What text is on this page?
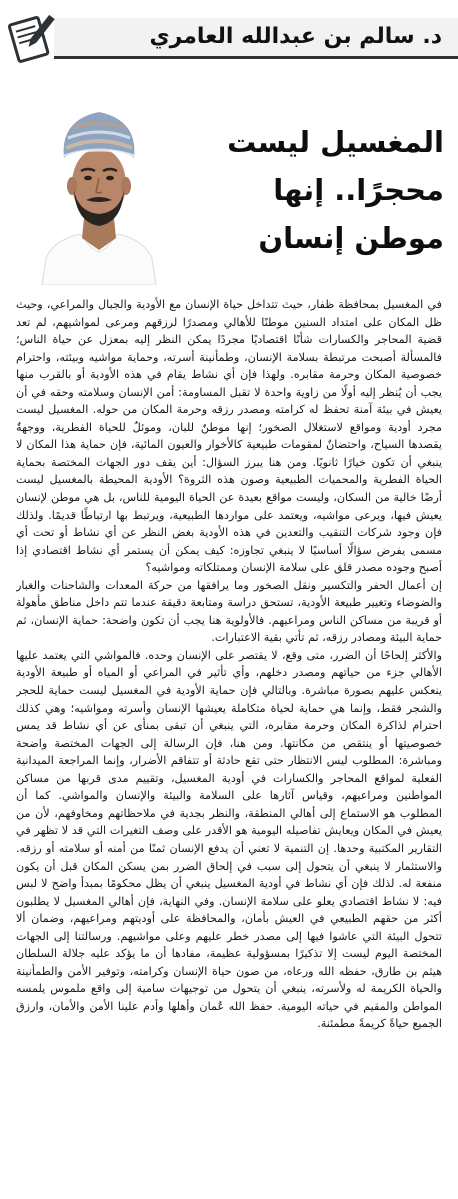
د. سالم بن عبدالله العامري
المغسيل ليست
محجرًا.. إنها
موطن إنسان

في المغسيل بمحافظة ظفار، حيث تتداخل حياة الإنسان مع الأودية والجبال والمراعي، وحيث ظل المكان على امتداد السنين موطنًا للأهالي ومصدرًا لرزقهم ومرعى لمواشيهم، لم تعد قضية المحاجر والكسارات شأنًا اقتصاديًا مجردًا يمكن النظر إليه بمعزل عن حياة الناس؛ فالمسألة أصبحت مرتبطة بسلامة الإنسان، وطمأنينة أسرته، وحماية مواشيه وبيئته، واحترام خصوصية المكان وحرمة مقابره. ولهذا فإن أي نشاط يقام في هذه الأودية أو بالقرب منها يجب أن يُنظر إليه أولًا من زاوية واحدة لا تقبل المساومة: أمن الإنسان وسلامته وحقه في أن يعيش في بيئة آمنة تحفظ له كرامته ومصدر رزقه وحرمة المكان من حوله. المغسيل ليست مجرد أودية ومواقع لاستغلال الصخور؛ إنها موطنٌ للبان، وموئلٌ للحياة الفطرية، ووجهةٌ يقصدها السياح، واحتضانٌ لمقومات طبيعية كالأخوار والعيون المائية، فإن حماية هذا المكان لا ينبغي أن تكون خيارًا ثانويًا. ومن هنا يبرز السؤال: أين يقف دور الجهات المختصة بحماية الحياة الفطرية والمحميات الطبيعية وصون هذه الثروة؟ الأودية المحيطة بالمغسيل ليست أرضًا خالية من السكان، وليست مواقع بعيدة عن الحياة اليومية للناس، بل هي موطن لإنسان يعيش فيها، ويرعى مواشيه، ويعتمد على مواردها الطبيعية، ويرتبط بها ارتباطًا قديمًا. ولذلك فإن وجود شركات التنقيب والتعدين في هذه الأودية بغض النظر عن أي نشاط أو تحت أي مسمى يفرض سؤالًا أساسيًا لا ينبغي تجاوزه: كيف يمكن أن يستمر أي نشاط اقتصادي إذا أصبح وجوده مصدر قلق على سلامة الإنسان وممتلكاته ومواشيه؟

إن أعمال الحفر والتكسير ونقل الصخور وما يرافقها من حركة المعدات والشاحنات والغبار والضوضاء وتغيير طبيعة الأودية، تستحق دراسة ومتابعة دقيقة عندما تتم داخل مناطق مأهولة أو قريبة من مساكن الناس ومراعيهم. فالأولوية هنا يجب أن تكون واضحة: حماية الإنسان، ثم حماية البيئة ومصادر رزقه، ثم تأتي بقية الاعتبارات.

والأكثر إلحاحًا أن الضرر، متى وقع، لا يقتصر على الإنسان وحده. فالمواشي التي يعتمد عليها الأهالي جزء من حياتهم ومصدر دخلهم، وأي تأثير في المراعي أو المياه أو طبيعة الأودية ينعكس عليهم بصورة مباشرة. وبالتالي فإن حماية الأودية في المغسيل ليست حماية للحجر والشجر فقط، وإنما هي حماية لحياة متكاملة يعيشها الإنسان وأسرته ومواشيه؛ وهي كذلك احترام لذاكرة المكان وحرمة مقابره، التي ينبغي أن تبقى بمنأى عن أي نشاط قد يمس خصوصيتها أو ينتقص من مكانتها. ومن هنا، فإن الرسالة إلى الجهات المختصة واضحة ومباشرة: المطلوب ليس الانتظار حتى تقع حادثة أو تتفاقم الأضرار، وإنما المراجعة الميدانية الفعلية لمواقع المحاجر والكسارات في أودية المغسيل، وتقييم مدى قربها من مساكن المواطنين ومراعيهم، وقياس آثارها على السلامة والبيئة والإنسان والمواشي. كما أن المطلوب هو الاستماع إلى أهالي المنطقة، والنظر بجدية في ملاحظاتهم ومخاوفهم، لأن من يعيش في المكان ويعايش تفاصيله اليومية هو الأقدر على وصف التغيرات التي قد لا تظهر في التقارير المكتبية وحدها. إن التنمية لا تعني أن يدفع الإنسان ثمنًا من أمنه أو سلامته أو رزقه. والاستثمار لا ينبغي أن يتحول إلى سبب في إلحاق الضرر بمن يسكن المكان قبل أن يكون منفعة له. لذلك فإن أي نشاط في أودية المغسيل ينبغي أن يظل محكومًا بمبدأ واضح لا لبس فيه: لا نشاط اقتصادي يعلو على سلامة الإنسان. وفي النهاية، فإن أهالي المغسيل لا يطلبون أكثر من حقهم الطبيعي في العيش بأمان، والمحافظة على أوديتهم ومراعيهم، وضمان ألا تتحول البيئة التي عاشوا فيها إلى مصدر خطر عليهم وعلى مواشيهم. ورسالتنا إلى الجهات المختصة اليوم ليست إلا تذكيرًا بمسؤولية عظيمة، مفادها أن ما يؤكد عليه جلالة السلطان هيثم بن طارق، حفظه الله ورعاه، من صون حياة الإنسان وكرامته، وتوفير الأمن والطمأنينة والحياة الكريمة له ولأسرته، ينبغي أن يتحول من توجيهات سامية إلى واقع ملموس يلمسه المواطن والمقيم في حياته اليومية. حفظ الله عُمان وأهلها وأدم علينا الأمن والأمان، وارزق الجميع حياةً كريمةً مطمئنة.
